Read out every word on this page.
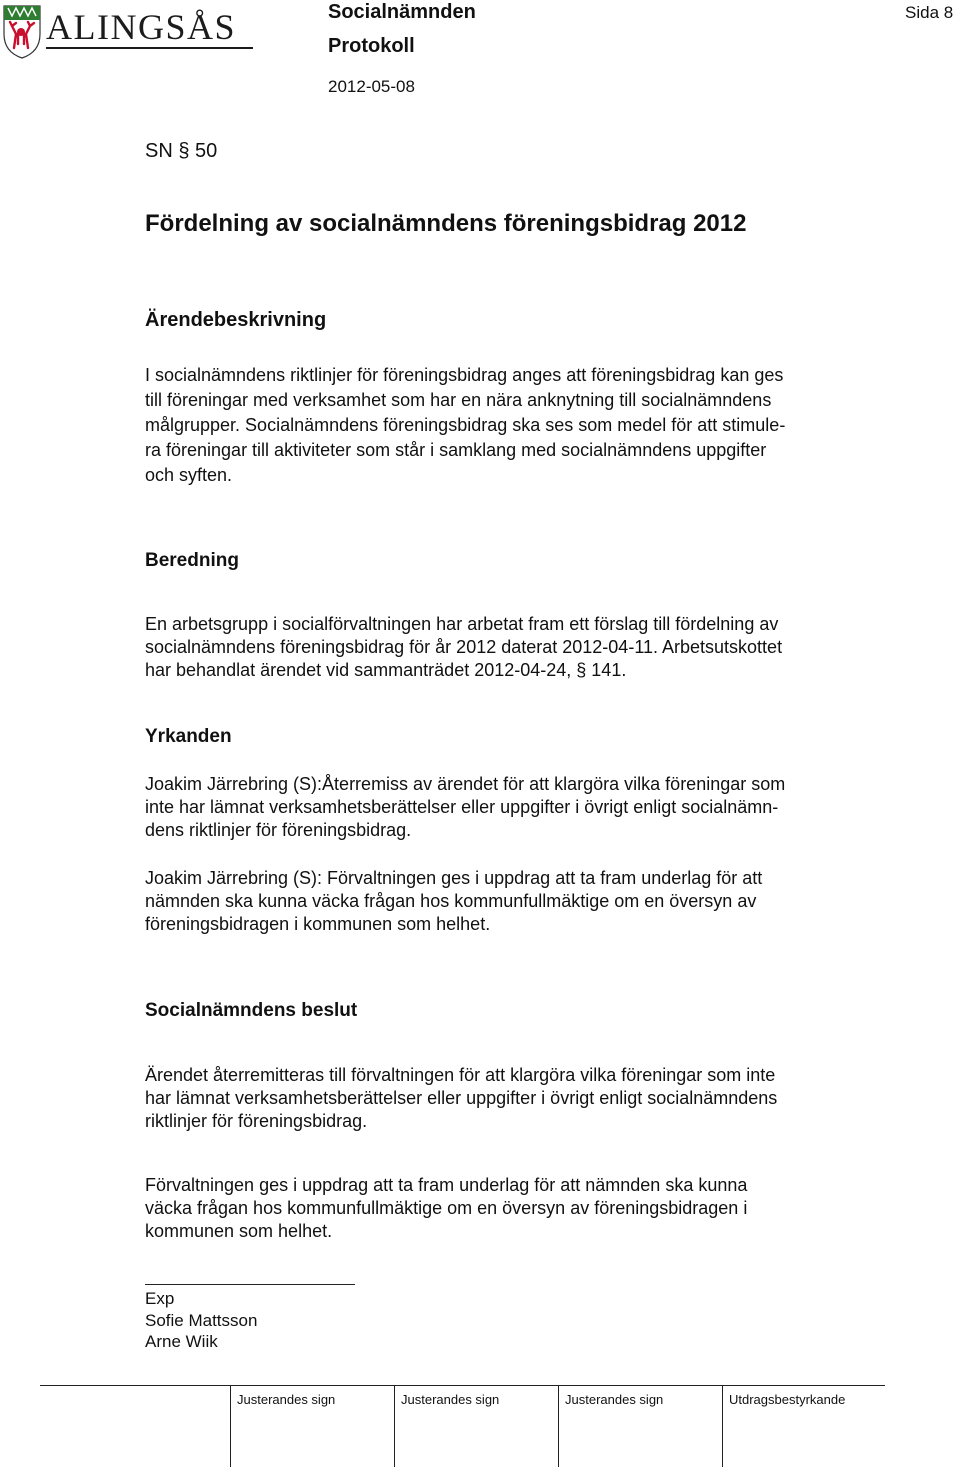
ALINGSÅS	Socialnämnden
Protokoll
2012-05-08
Sida 8
SN § 50
Fördelning av socialnämndens föreningsbidrag 2012
Ärendebeskrivning
I socialnämndens riktlinjer för föreningsbidrag anges att föreningsbidrag kan ges
till föreningar med verksamhet som har en nära anknytning till socialnämndens
målgrupper. Socialnämndens föreningsbidrag ska ses som medel för att stimule-
ra föreningar till aktiviteter som står i samklang med socialnämndens uppgifter
och syften.
Beredning
En arbetsgrupp i socialförvaltningen har arbetat fram ett förslag till fördelning av
socialnämndens föreningsbidrag för år 2012 daterat 2012-04-11. Arbetsutskottet
har behandlat ärendet vid sammanträdet 2012-04-24, § 141.
Yrkanden
Joakim Järrebring (S):Återremiss av ärendet för att klargöra vilka föreningar som
inte har lämnat verksamhetsberättelser eller uppgifter i övrigt enligt socialnämn-
dens riktlinjer för föreningsbidrag.
Joakim Järrebring (S): Förvaltningen ges i uppdrag att ta fram underlag för att
nämnden ska kunna väcka frågan hos kommunfullmäktige om en översyn av
föreningsbidragen i kommunen som helhet.
Socialnämndens beslut
Ärendet återremitteras till förvaltningen för att klargöra vilka föreningar som inte
har lämnat verksamhetsberättelser eller uppgifter i övrigt enligt socialnämndens
riktlinjer för föreningsbidrag.
Förvaltningen ges i uppdrag att ta fram underlag för att nämnden ska kunna
väcka frågan hos kommunfullmäktige om en översyn av föreningsbidragen i
kommunen som helhet.
Exp
Sofie Mattsson
Arne Wiik
Justerandes sign	Justerandes sign	Justerandes sign	Utdragsbestyrkande
